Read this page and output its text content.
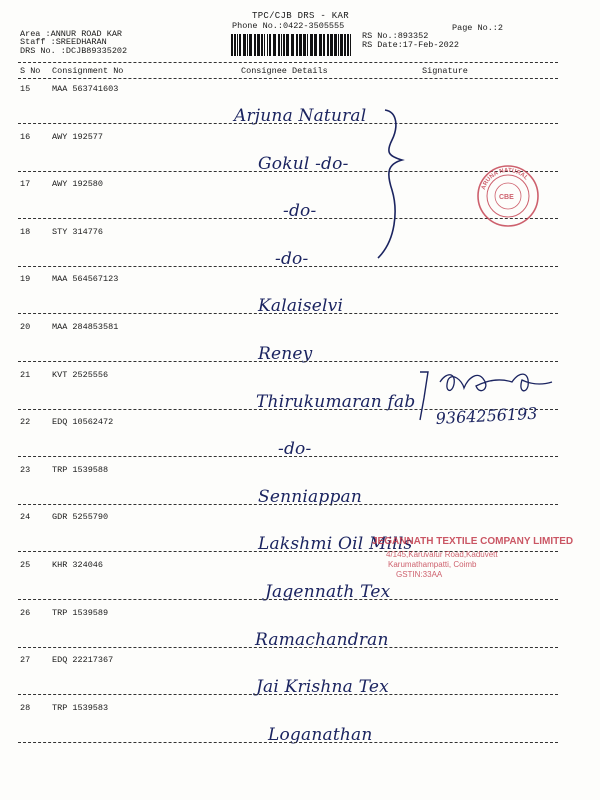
TPC/CJB DRS - KAR
Phone No.:0422-3505555	Page No.:2
Area :ANNUR ROAD KAR
Staff :SREEDHARAN
DRS No. :DCJB89335202
RS No.:893352
RS Date:17-Feb-2022
S No Consignment No	Consignee Details	Signature
15	MAA 563741603
Arjuna Natural
16	AWY 192577
Gokul -do-
17	AWY 192580
-do-
18	STY 314776
-do-
19	MAA 564567123
Kalaiselvi
20	MAA 284853581
Reney
21	KVT 2525556
Thirukumaran fab
22	EDQ 10562472
-do-
23	TRP 1539588
Senniappan
24	GDR 5255790
Lakshmi Oil Mills
25	KHR 324046
Jagennath Tex
26	TRP 1539589
Ramachandran
27	EDQ 22217367
Jai Krishna Tex
28	TRP 1539583
Loganathan
9364256193
ARUNA NATURAL
CBE
JEGANNATH TEXTILE COMPANY LIMITED
4/145,Karuvalur Road,Kaduvett
Karumathampatti, Coimb
GSTIN:33AA
